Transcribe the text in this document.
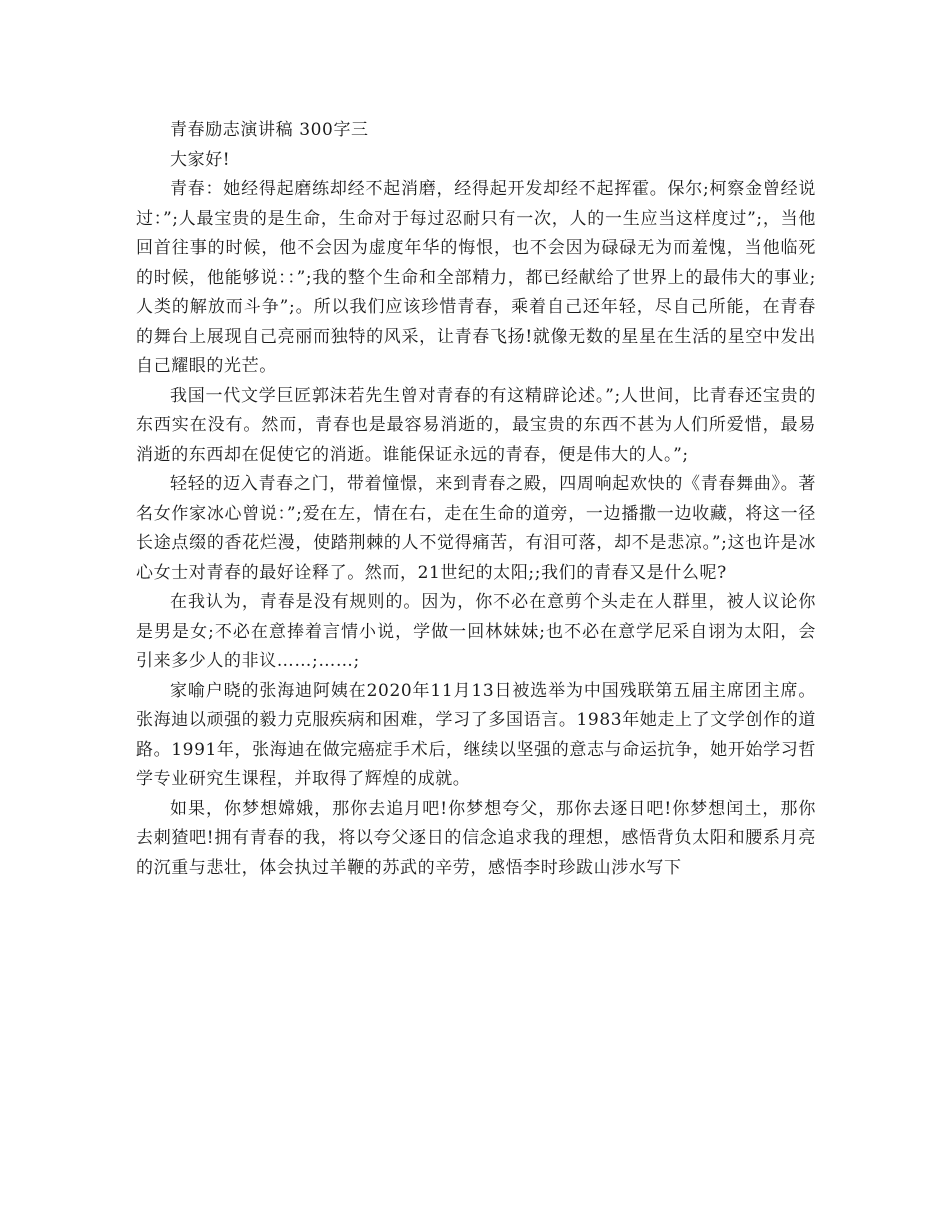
青春励志演讲稿 300字三

大家好!

青春：她经得起磨练却经不起消磨，经得起开发却经不起挥霍。保尔;柯察金曾经说过：”;人最宝贵的是生命，生命对于每过忍耐只有一次，人的一生应当这样度过”;，当他回首往事的时候，他不会因为虚度年华的悔恨，也不会因为碌碌无为而羞愧，当他临死的时候，他能够说：：”;我的整个生命和全部精力，都已经献给了世界上的最伟大的事业;人类的解放而斗争”;。所以我们应该珍惜青春，乘着自己还年轻，尽自己所能，在青春的舞台上展现自己亮丽而独特的风采，让青春飞扬!就像无数的星星在生活的星空中发出自己耀眼的光芒。

我国一代文学巨匠郭沫若先生曾对青春的有这精辟论述。”;人世间，比青春还宝贵的东西实在没有。然而，青春也是最容易消逝的，最宝贵的东西不甚为人们所爱惜，最易消逝的东西却在促使它的消逝。谁能保证永远的青春，便是伟大的人。”;

轻轻的迈入青春之门，带着憧憬，来到青春之殿，四周响起欢快的《青春舞曲》。著名女作家冰心曾说：”;爱在左，情在右，走在生命的道旁，一边播撒一边收藏，将这一径长途点缀的香花烂漫，使踏荆棘的人不觉得痛苦，有泪可落，却不是悲凉。”;这也许是冰心女士对青春的最好诠释了。然而，21世纪的太阳;;我们的青春又是什么呢?

在我认为，青春是没有规则的。因为，你不必在意剪个头走在人群里，被人议论你是男是女;不必在意捧着言情小说，学做一回林妹妹;也不必在意学尼采自诩为太阳，会引来多少人的非议……;……;

家喻户晓的张海迪阿姨在2020年11月13日被选举为中国残联第五届主席团主席。张海迪以顽强的毅力克服疾病和困难，学习了多国语言。1983年她走上了文学创作的道路。1991年，张海迪在做完癌症手术后，继续以坚强的意志与命运抗争，她开始学习哲学专业研究生课程，并取得了辉煌的成就。

如果，你梦想嫦娥，那你去追月吧!你梦想夸父，那你去逐日吧!你梦想闰土，那你去刺猹吧!拥有青春的我，将以夸父逐日的信念追求我的理想，感悟背负太阳和腰系月亮的沉重与悲壮，体会执过羊鞭的苏武的辛劳，感悟李时珍跋山涉水写下
